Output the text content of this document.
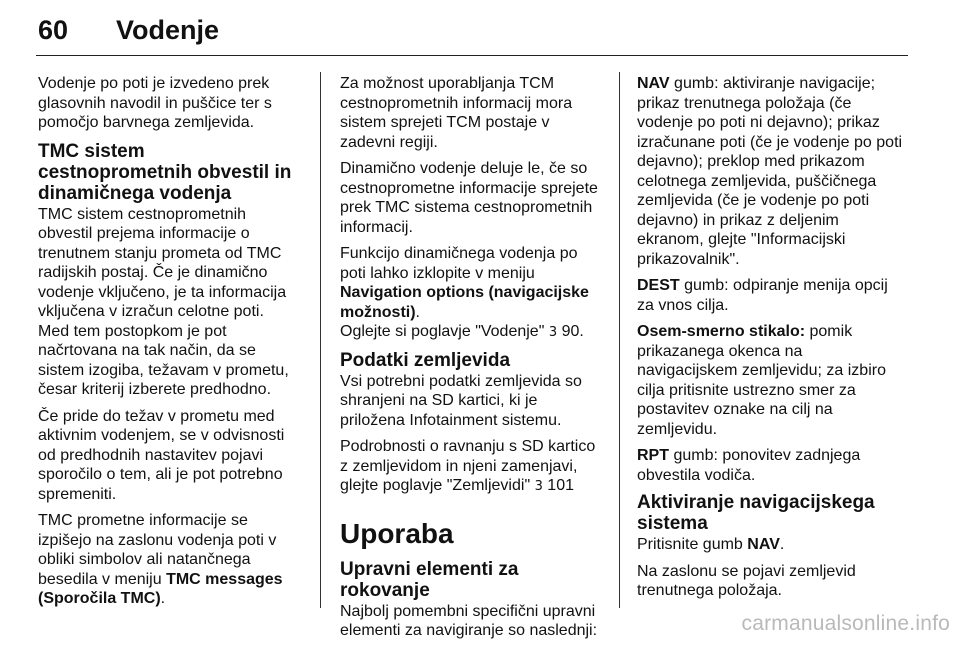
60	Vodenje

Vodenje po poti je izvedeno prek glasovnih navodil in puščice ter s pomočjo barvnega zemljevida.

TMC sistem cestnoprometnih obvestil in dinamičnega vodenja

TMC sistem cestnoprometnih obvestil prejema informacije o trenutnem stanju prometa od TMC radijskih postaj. Če je dinamično vodenje vključeno, je ta informacija vključena v izračun celotne poti. Med tem postopkom je pot načrtovana na tak način, da se sistem izogiba, težavam v prometu, česar kriterij izberete predhodno.

Če pride do težav v prometu med aktivnim vodenjem, se v odvisnosti od predhodnih nastavitev pojavi sporočilo o tem, ali je pot potrebno spremeniti.

TMC prometne informacije se izpišejo na zaslonu vodenja poti v obliki simbolov ali natančnega besedila v meniju TMC messages (Sporočila TMC).

Za možnost uporabljanja TCM cestnoprometnih informacij mora sistem sprejeti TCM postaje v zadevni regiji.

Dinamično vodenje deluje le, če so cestnoprometne informacije sprejete prek TMC sistema cestnoprometnih informacij.

Funkcijo dinamičnega vodenja po poti lahko izklopite v meniju Navigation options (navigacijske možnosti).
Oglejte si poglavje "Vodenje" 3 90.

Podatki zemljevida

Vsi potrebni podatki zemljevida so shranjeni na SD kartici, ki je priložena Infotainment sistemu.

Podrobnosti o ravnanju s SD kartico z zemljevidom in njeni zamenjavi, glejte poglavje "Zemljevidi" 3 101

Uporaba
Upravni elementi za rokovanje

Najbolj pomembni specifični upravni elementi za navigiranje so naslednji:

NAV gumb: aktiviranje navigacije; prikaz trenutnega položaja (če vodenje po poti ni dejavno); prikaz izračunane poti (če je vodenje po poti dejavno); preklop med prikazom celotnega zemljevida, puščičnega zemljevida (če je vodenje po poti dejavno) in prikaz z deljenim ekranom, glejte "Informacijski prikazovalnik".

DEST gumb: odpiranje menija opcij za vnos cilja.

Osem-smerno stikalo: pomik prikazanega okenca na navigacijskem zemljevidu; za izbiro cilja pritisnite ustrezno smer za postavitev oznake na cilj na zemljevidu.

RPT gumb: ponovitev zadnjega obvestila vodiča.

Aktiviranje navigacijskega sistema

Pritisnite gumb NAV.

Na zaslonu se pojavi zemljevid trenutnega položaja.

carmanualsonline.info
